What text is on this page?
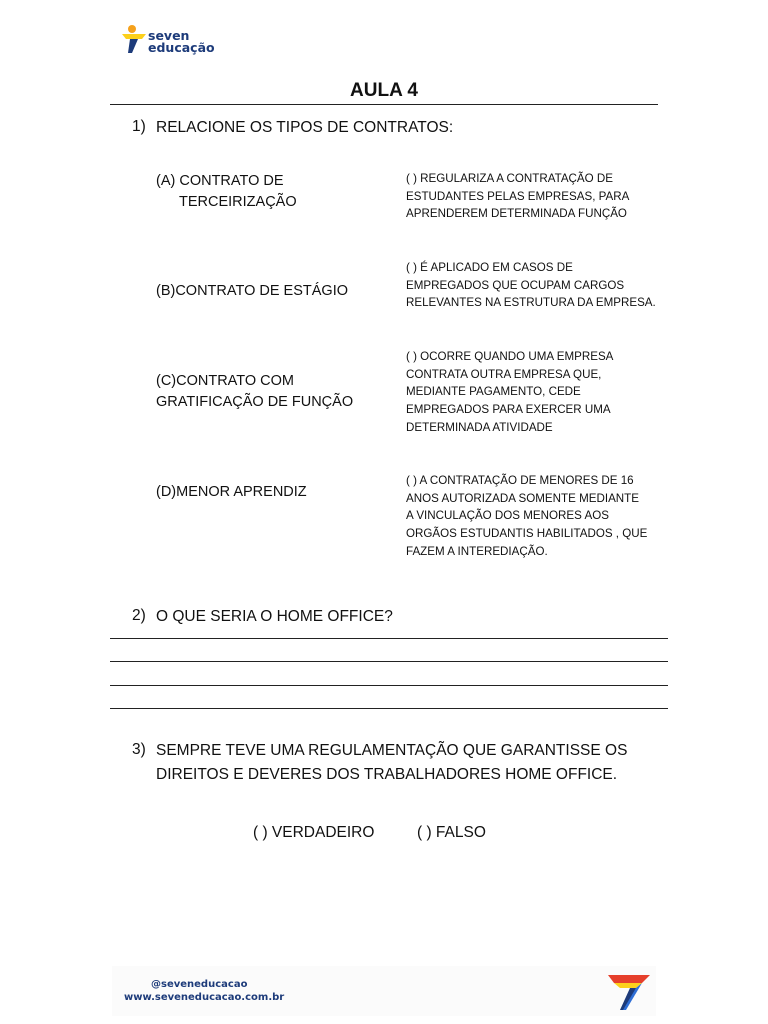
seven
educação
AULA 4
1) RELACIONE OS TIPOS DE CONTRATOS:
(A) CONTRATO DE
TERCEIRIZAÇÃO
(B)CONTRATO DE ESTÁGIO
(C)CONTRATO COM
GRATIFICAÇÃO DE FUNÇÃO
(D)MENOR APRENDIZ
( ) REGULARIZA A CONTRATAÇÃO DE
ESTUDANTES PELAS EMPRESAS, PARA
APRENDEREM DETERMINADA FUNÇÃO
( ) É APLICADO EM CASOS DE
EMPREGADOS QUE OCUPAM CARGOS
RELEVANTES NA ESTRUTURA DA EMPRESA.
( ) OCORRE QUANDO UMA EMPRESA
CONTRATA OUTRA EMPRESA QUE,
MEDIANTE PAGAMENTO, CEDE
EMPREGADOS PARA EXERCER UMA
DETERMINADA ATIVIDADE
( ) A CONTRATAÇÃO DE MENORES DE 16
ANOS AUTORIZADA SOMENTE MEDIANTE
A VINCULAÇÃO DOS MENORES AOS
ORGÃOS ESTUDANTIS HABILITADOS , QUE
FAZEM A INTEREDIAÇÃO.
2) O QUE SERIA O HOME OFFICE?
3) SEMPRE TEVE UMA REGULAMENTAÇÃO QUE GARANTISSE OS
DIREITOS E DEVERES DOS TRABALHADORES HOME OFFICE.
( ) VERDADEIRO	( ) FALSO
@seveneducacao
www.seveneducacao.com.br
